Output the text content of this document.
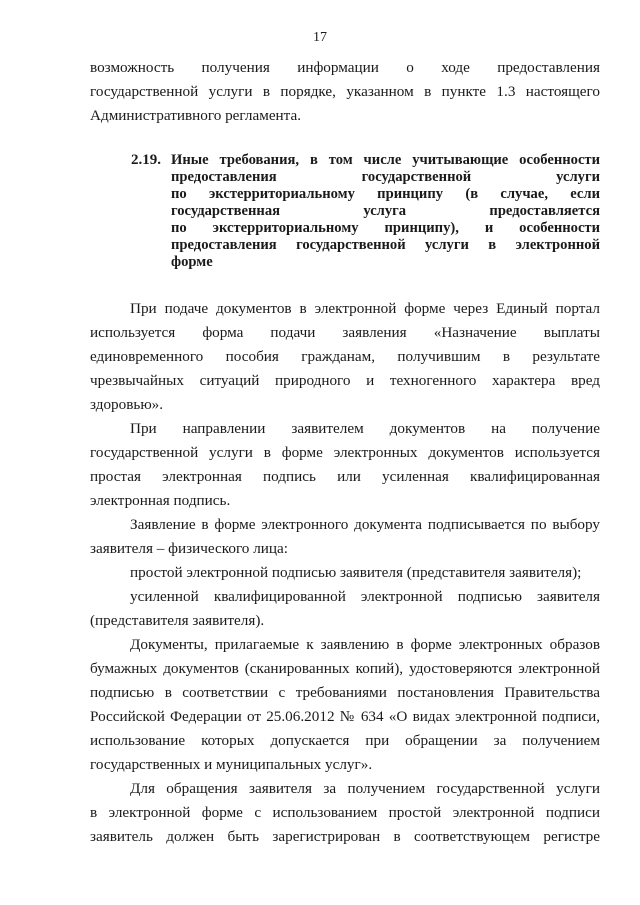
17
возможность получения информации о ходе предоставления
государственной услуги в порядке, указанном в пункте 1.3 настоящего
Административного регламента.
2.19. Иные требования, в том числе учитывающие особенности
предоставления государственной услуги
по экстерриториальному принципу (в случае, если
государственная услуга предоставляется
по экстерриториальному принципу), и особенности
предоставления государственной услуги в электронной
форме
При подаче документов в электронной форме через Единый портал
используется форма подачи заявления «Назначение выплаты
единовременного пособия гражданам, получившим в результате
чрезвычайных ситуаций природного и техногенного характера вред
здоровью».
При направлении заявителем документов на получение
государственной услуги в форме электронных документов используется
простая электронная подпись или усиленная квалифицированная
электронная подпись.
Заявление в форме электронного документа подписывается по выбору
заявителя – физического лица:
простой электронной подписью заявителя (представителя заявителя);
усиленной квалифицированной электронной подписью заявителя
(представителя заявителя).
Документы, прилагаемые к заявлению в форме электронных образов
бумажных документов (сканированных копий), удостоверяются электронной
подписью в соответствии с требованиями постановления Правительства
Российской Федерации от 25.06.2012 № 634 «О видах электронной подписи,
использование которых допускается при обращении за получением
государственных и муниципальных услуг».
Для обращения заявителя за получением государственной услуги
в электронной форме с использованием простой электронной подписи
заявитель должен быть зарегистрирован в соответствующем регистре
